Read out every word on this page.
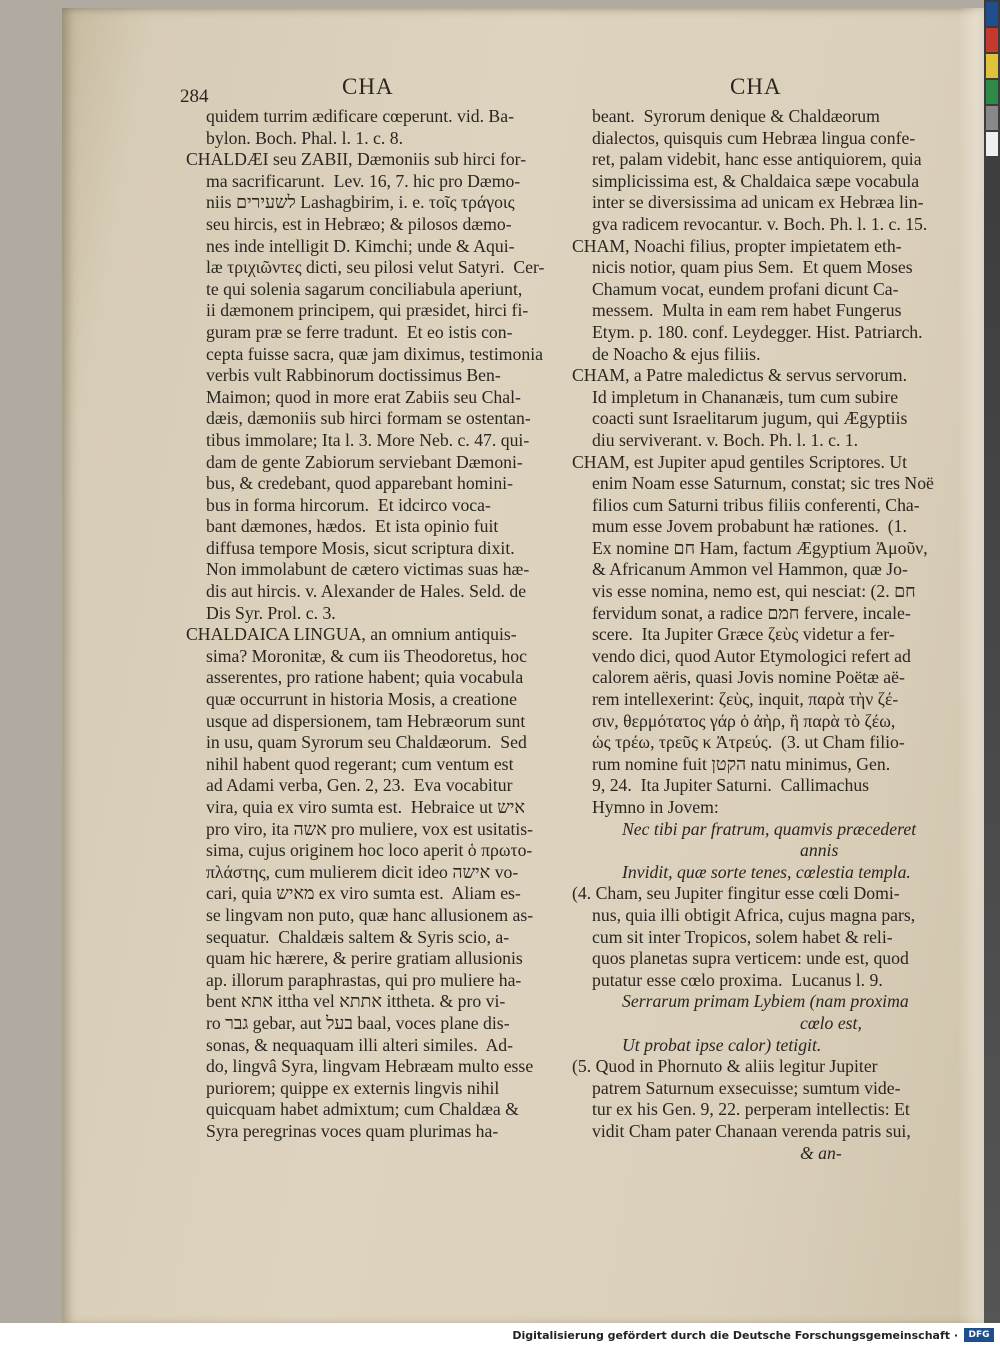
284	CHA	CHA
quidem turrim ædificare cœperunt. vid. Ba-
bylon. Boch. Phal. l. 1. c. 8.
CHALDÆI seu ZABII, Dæmoniis sub hirci for-
ma sacrificarunt.  Lev. 16, 7. hic pro Dæmo-
niis לשעירים Lashagbirim, i. e. τοῖς τράγοις
seu hircis, est in Hebræo; & pilosos dæmo-
nes inde intelligit D. Kimchi; unde & Aqui-
læ τριχιῶντες dicti, seu pilosi velut Satyri.  Cer-
te qui solenia sagarum conciliabula aperiunt,
ii dæmonem principem, qui præsidet, hirci fi-
guram præ se ferre tradunt.  Et eo istis con-
cepta fuisse sacra, quæ jam diximus, testimonia
verbis vult Rabbinorum doctissimus Ben-
Maimon; quod in more erat Zabiis seu Chal-
dæis, dæmoniis sub hirci formam se ostentan-
tibus immolare; Ita l. 3. More Neb. c. 47. qui-
dam de gente Zabiorum serviebant Dæmoni-
bus, & credebant, quod apparebant homini-
bus in forma hircorum.  Et idcirco voca-
bant dæmones, hædos.  Et ista opinio fuit
diffusa tempore Mosis, sicut scriptura dixit.
Non immolabunt de cætero victimas suas hæ-
dis aut hircis. v. Alexander de Hales. Seld. de
Dis Syr. Prol. c. 3.
CHALDAICA LINGUA, an omnium antiquis-
sima? Moronitæ, & cum iis Theodoretus, hoc
asserentes, pro ratione habent; quia vocabula
quæ occurrunt in historia Mosis, a creatione
usque ad dispersionem, tam Hebræorum sunt
in usu, quam Syrorum seu Chaldæorum.  Sed
nihil habent quod regerant; cum ventum est
ad Adami verba, Gen. 2, 23.  Eva vocabitur
vira, quia ex viro sumta est.  Hebraice ut איש
pro viro, ita אשה pro muliere, vox est usitatis-
sima, cujus originem hoc loco aperit ὁ πρωτο-
πλάστης, cum mulierem dicit ideo אישה vo-
cari, quia מאיש ex viro sumta est.  Aliam es-
se lingvam non puto, quæ hanc allusionem as-
sequatur.  Chaldæis saltem & Syris scio, a-
quam hic hærere, & perire gratiam allusionis
ap. illorum paraphrastas, qui pro muliere ha-
bent אתא ittha vel אתתא ittheta. & pro vi-
ro גבר gebar, aut בעל baal, voces plane dis-
sonas, & nequaquam illi alteri similes.  Ad-
do, lingvâ Syra, lingvam Hebræam multo esse
puriorem; quippe ex externis lingvis nihil
quicquam habet admixtum; cum Chaldæa &
Syra peregrinas voces quam plurimas ha-
beant.  Syrorum denique & Chaldæorum
dialectos, quisquis cum Hebræa lingua confe-
ret, palam videbit, hanc esse antiquiorem, quia
simplicissima est, & Chaldaica sæpe vocabula
inter se diversissima ad unicam ex Hebræa lin-
gva radicem revocantur. v. Boch. Ph. l. 1. c. 15.
CHAM, Noachi filius, propter impietatem eth-
nicis notior, quam pius Sem.  Et quem Moses
Chamum vocat, eundem profani dicunt Ca-
messem.  Multa in eam rem habet Fungerus
Etym. p. 180. conf. Leydegger. Hist. Patriarch.
de Noacho & ejus filiis.
CHAM, a Patre maledictus & servus servorum.
Id impletum in Chananæis, tum cum subire
coacti sunt Israelitarum jugum, qui Ægyptiis
diu serviverant. v. Boch. Ph. l. 1. c. 1.
CHAM, est Jupiter apud gentiles Scriptores. Ut
enim Noam esse Saturnum, constat; sic tres Noë
filios cum Saturni tribus filiis conferenti, Cha-
mum esse Jovem probabunt hæ rationes.  (1.
Ex nomine חם Ham, factum Ægyptium Ἀμοῦν,
& Africanum Ammon vel Hammon, quæ Jo-
vis esse nomina, nemo est, qui nesciat: (2. חם
fervidum sonat, a radice חמם fervere, incale-
scere.  Ita Jupiter Græce ζεὺς videtur a fer-
vendo dici, quod Autor Etymologici refert ad
calorem aëris, quasi Jovis nomine Poëtæ aë-
rem intellexerint: ζεὺς, inquit, παρὰ τὴν ζέ-
σιν, θερμότατος γάρ ὁ ἀὴρ, ἢ παρὰ τὸ ζέω,
ὡς τρέω, τρεῦς κ Ἀτρεύς.  (3. ut Cham filio-
rum nomine fuit הקטן natu minimus, Gen.
9, 24.  Ita Jupiter Saturni.  Callimachus
Hymno in Jovem:
Nec tibi par fratrum, quamvis præcederet
annis
Invidit, quæ sorte tenes, cœlestia templa.
(4. Cham, seu Jupiter fingitur esse cœli Domi-
nus, quia illi obtigit Africa, cujus magna pars,
cum sit inter Tropicos, solem habet & reli-
quos planetas supra verticem: unde est, quod
putatur esse cœlo proxima.  Lucanus l. 9.
Serrarum primam Lybiem (nam proxima
cœlo est,
Ut probat ipse calor) tetigit.
(5. Quod in Phornuto & aliis legitur Jupiter
patrem Saturnum exsecuisse; sumtum vide-
tur ex his Gen. 9, 22. perperam intellectis: Et
vidit Cham pater Chanaan verenda patris sui,
& an-
Digitalisierung gefördert durch die Deutsche Forschungsgemeinschaft ·	DFG
